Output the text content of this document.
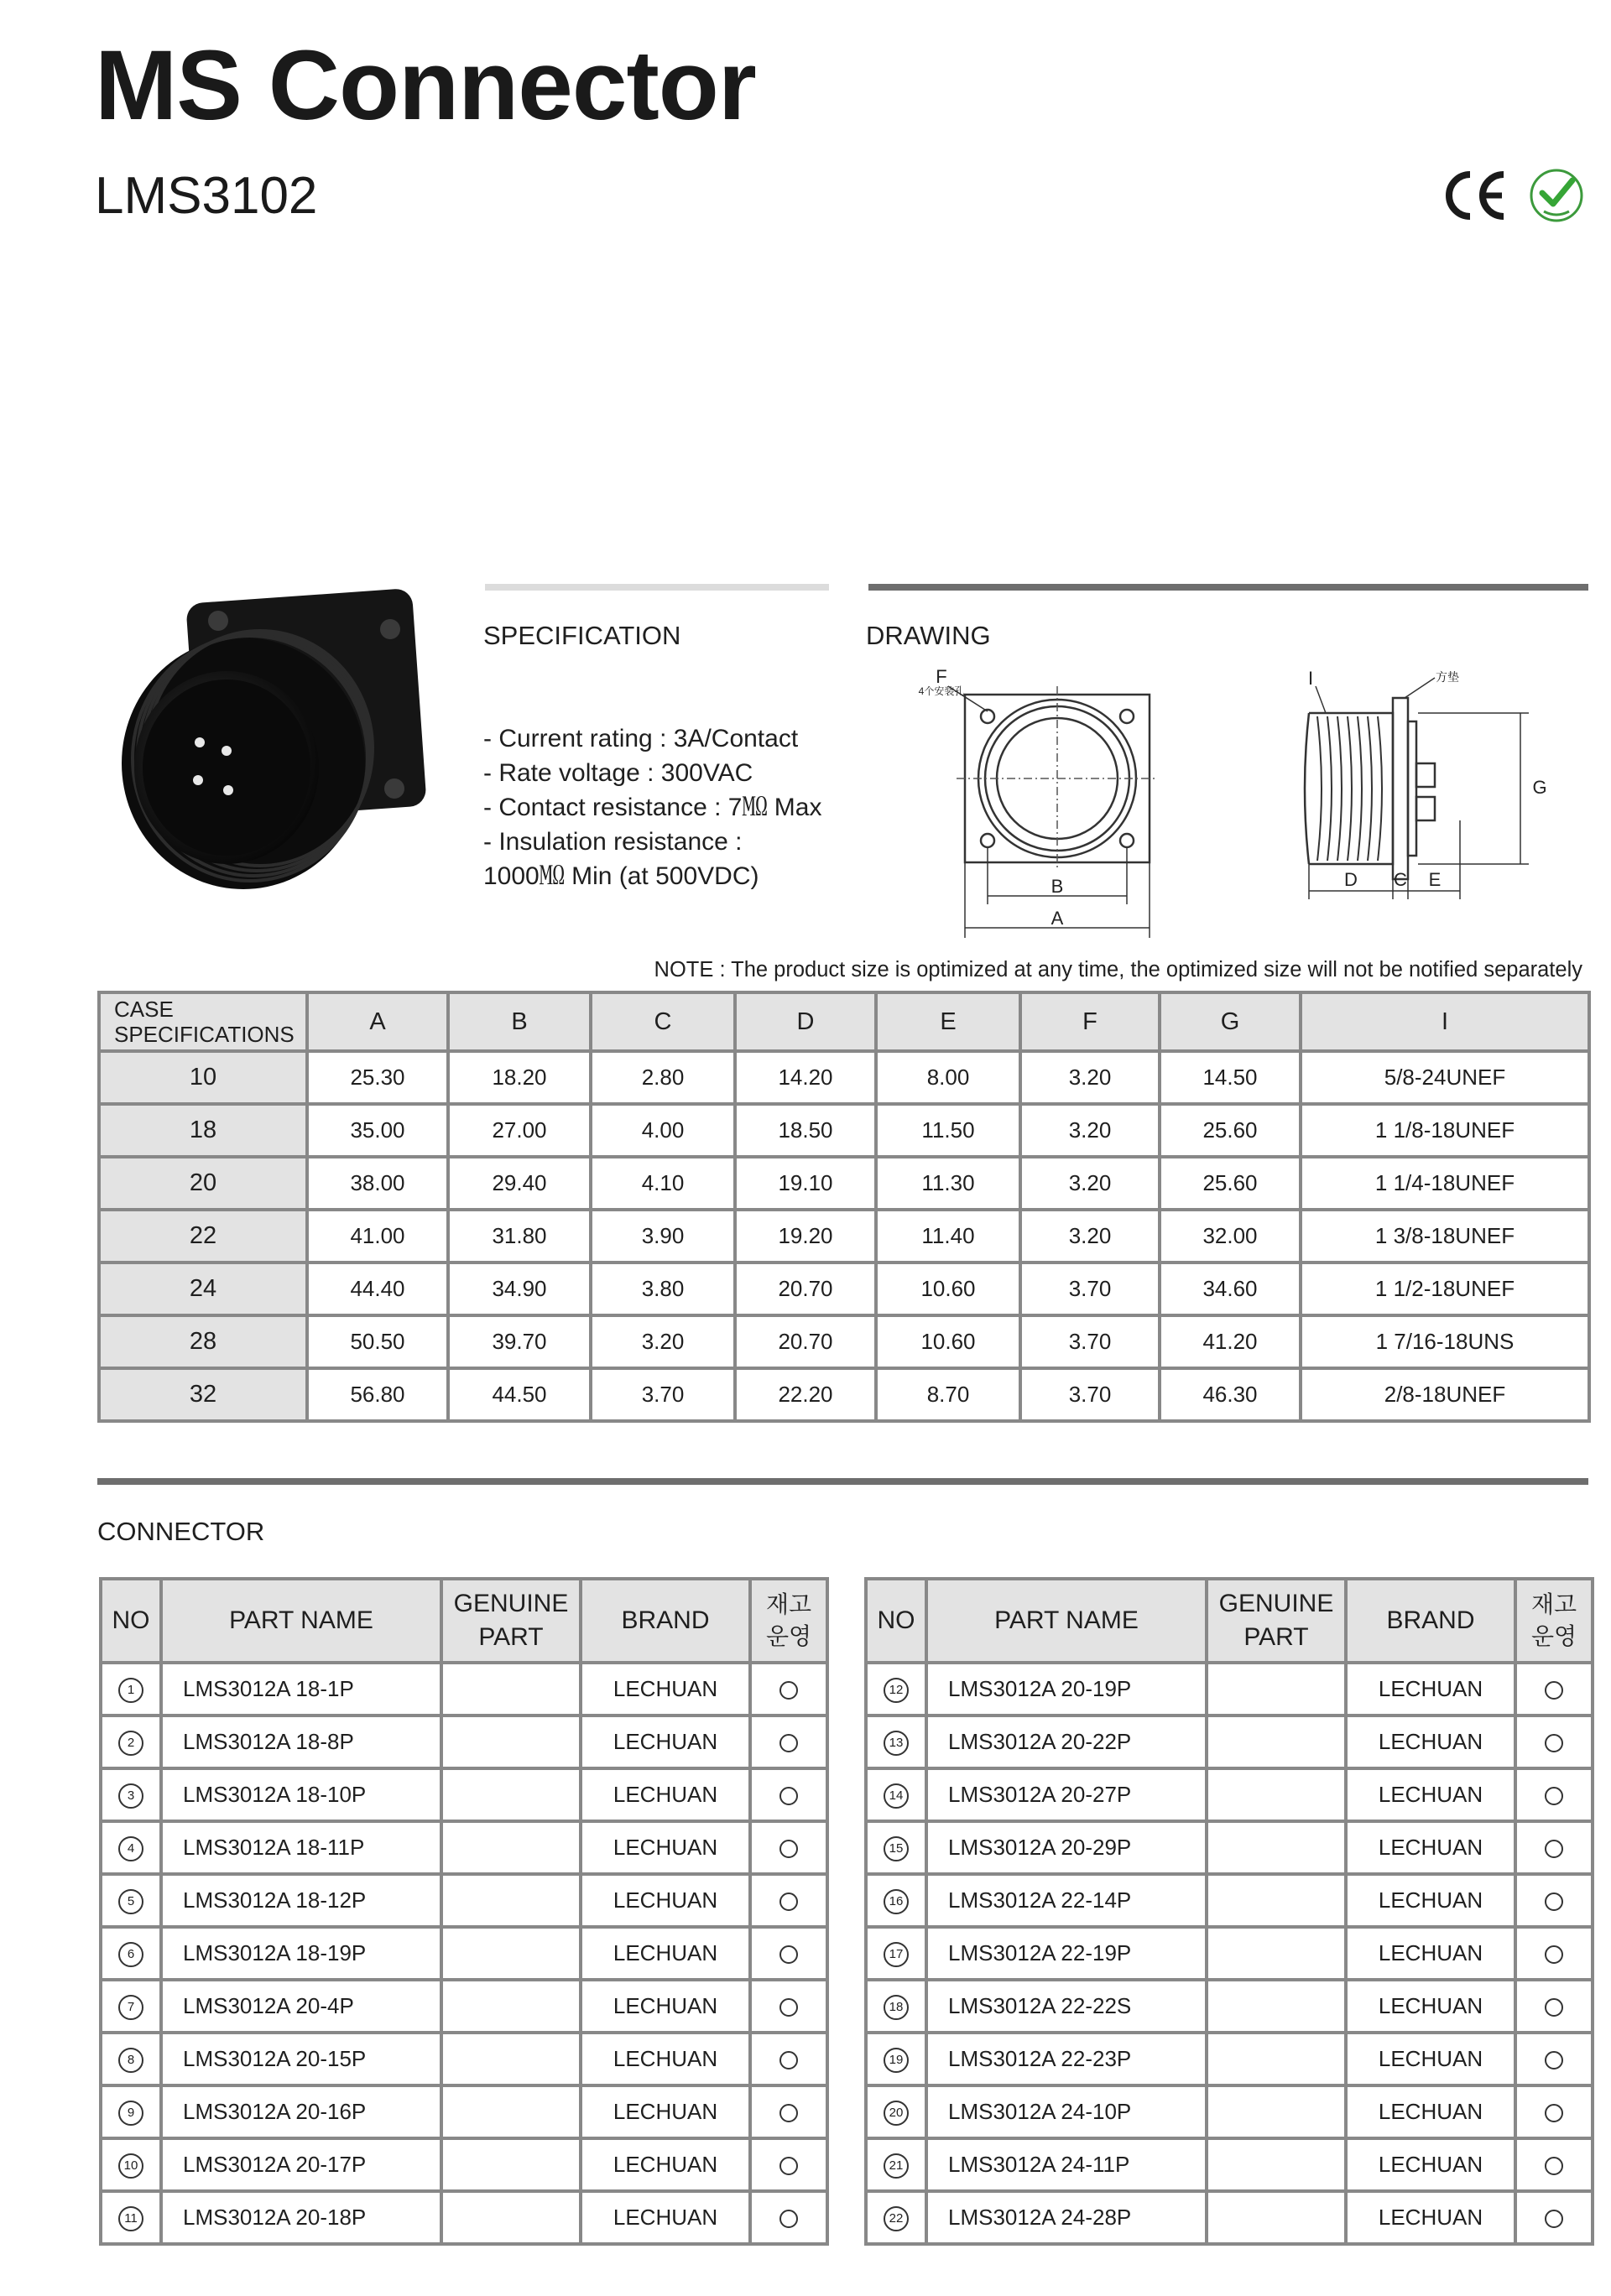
MS Connector
LMS3102
SPECIFICATION
- Current rating : 3A/Contact
- Rate voltage : 300VAC
- Contact resistance : 7㏁ Max
- Insulation resistance :
1000㏁ Min (at 500VDC)
DRAWING
F
4个安装孔
B
A
I	方垫
G
D C E
NOTE : The product size is optimized at any time, the optimized size will not be notified separately
CASE
SPECIFICATIONS	A	B	C	D	E	F	G	I
10	25.30	18.20	2.80	14.20	8.00	3.20	14.50	5/8-24UNEF
18	35.00	27.00	4.00	18.50	11.50	3.20	25.60	1 1/8-18UNEF
20	38.00	29.40	4.10	19.10	11.30	3.20	25.60	1 1/4-18UNEF
22	41.00	31.80	3.90	19.20	11.40	3.20	32.00	1 3/8-18UNEF
24	44.40	34.90	3.80	20.70	10.60	3.70	34.60	1 1/2-18UNEF
28	50.50	39.70	3.20	20.70	10.60	3.70	41.20	1 7/16-18UNS
32	56.80	44.50	3.70	22.20	8.70	3.70	46.30	2/8-18UNEF
CONNECTOR
NO	PART NAME	GENUINE PART	BRAND	재고 운영
1	LMS3012A 18-1P		LECHUAN	
2	LMS3012A 18-8P		LECHUAN	
3	LMS3012A 18-10P		LECHUAN	
4	LMS3012A 18-11P		LECHUAN	
5	LMS3012A 18-12P		LECHUAN	
6	LMS3012A 18-19P		LECHUAN	
7	LMS3012A 20-4P		LECHUAN	
8	LMS3012A 20-15P		LECHUAN	
9	LMS3012A 20-16P		LECHUAN	
10	LMS3012A 20-17P		LECHUAN	
11	LMS3012A 20-18P		LECHUAN	
NO	PART NAME	GENUINE PART	BRAND	재고 운영
12	LMS3012A 20-19P		LECHUAN	
13	LMS3012A 20-22P		LECHUAN	
14	LMS3012A 20-27P		LECHUAN	
15	LMS3012A 20-29P		LECHUAN	
16	LMS3012A 22-14P		LECHUAN	
17	LMS3012A 22-19P		LECHUAN	
18	LMS3012A 22-22S		LECHUAN	
19	LMS3012A 22-23P		LECHUAN	
20	LMS3012A 24-10P		LECHUAN	
21	LMS3012A 24-11P		LECHUAN	
22	LMS3012A 24-28P		LECHUAN	
